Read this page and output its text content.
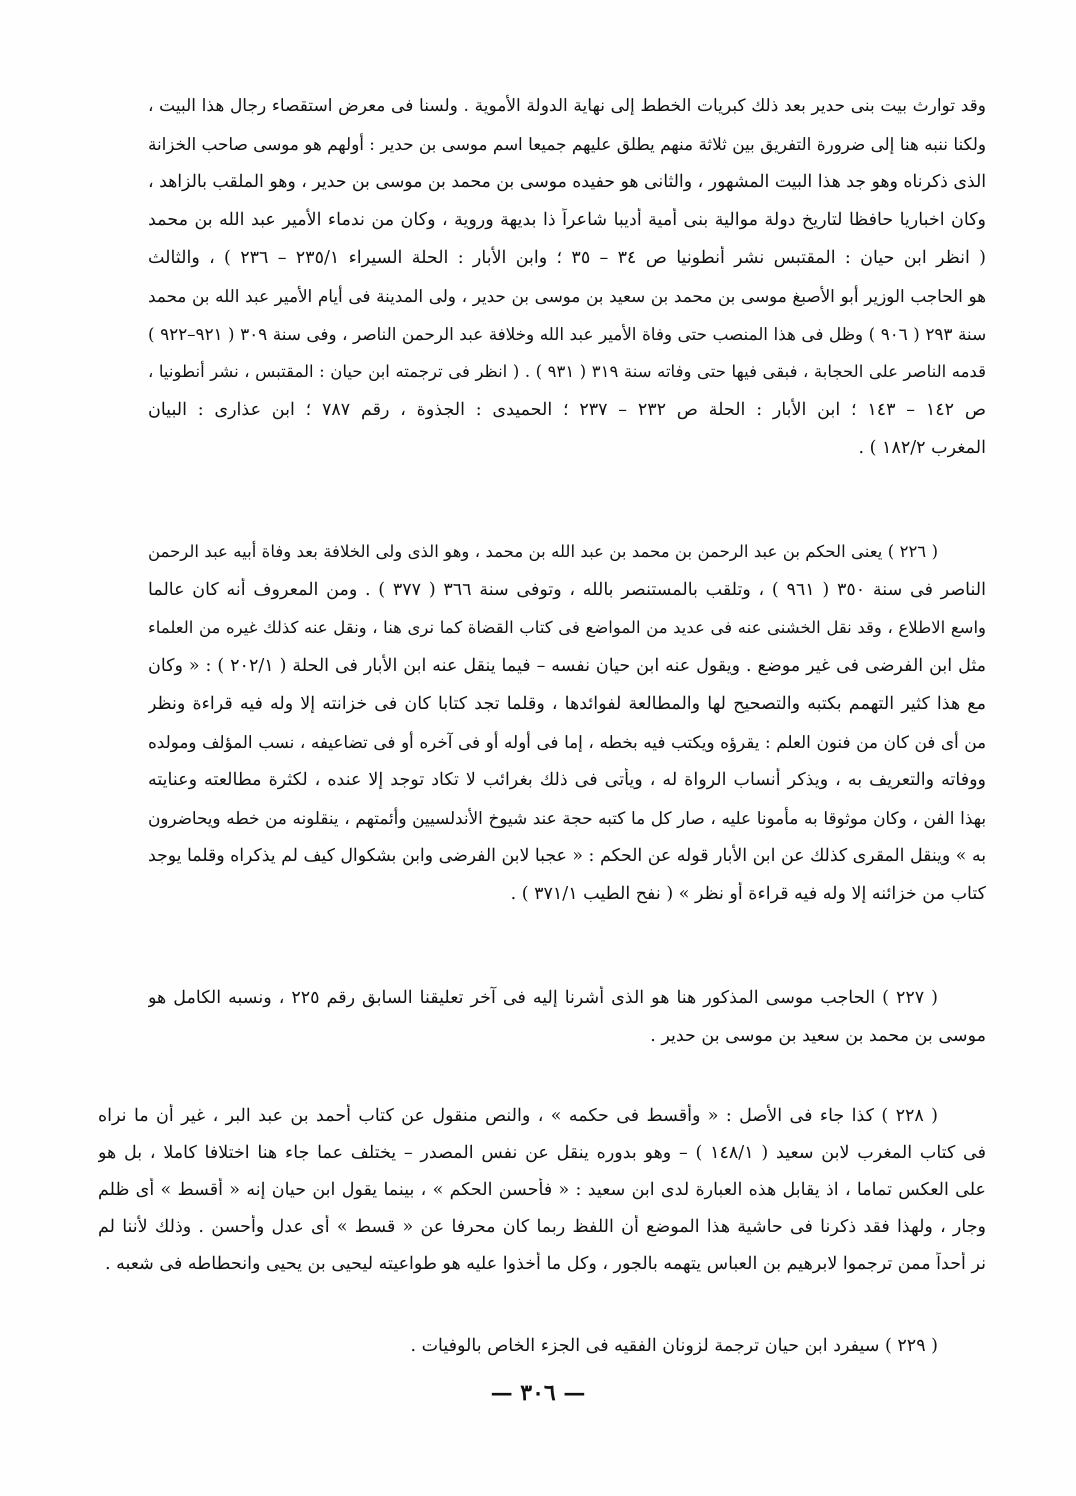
وقد توارث بيت بنى حدير بعد ذلك كبريات الخطط إلى نهاية الدولة الأموية . ولسنا فى معرض استقصاء رجال هذا البيت ،
ولكنا ننبه هنا إلى ضرورة التفريق بين ثلاثة منهم يطلق عليهم جميعا اسم موسى بن حدير : أولهم هو موسى صاحب الخزانة
الذى ذكرناه وهو جد هذا البيت المشهور ، والثانى هو حفيده موسى بن محمد بن موسى بن حدير ، وهو الملقب بالزاهد ،
وكان اخباريا حافظا لتاريخ دولة موالية بنى أمية أديبا شاعراً ذا بديهة وروية ، وكان من ندماء الأمير عبد الله بن محمد
( انظر ابن حيان : المقتبس نشر أنطونيا ص ٣٤ – ٣٥ ؛ وابن الأبار : الحلة السيراء ٢٣٥/١ – ٢٣٦ ) ، والثالث
هو الحاجب الوزير أبو الأصبغ موسى بن محمد بن سعيد بن موسى بن حدير ، ولى المدينة فى أيام الأمير عبد الله بن محمد
سنة ٢٩٣ ( ٩٠٦ ) وظل فى هذا المنصب حتى وفاة الأمير عبد الله وخلافة عبد الرحمن الناصر ، وفى سنة ٣٠٩ ( ٩٢١–٩٢٢ )
قدمه الناصر على الحجابة ، فبقى فيها حتى وفاته سنة ٣١٩ ( ٩٣١ ) . ( انظر فى ترجمته ابن حيان : المقتبس ، نشر أنطونيا ،
ص ١٤٢ – ١٤٣ ؛ ابن الأبار : الحلة ص ٢٣٢ – ٢٣٧ ؛ الحميدى : الجذوة ، رقم ٧٨٧ ؛ ابن عذارى : البيان
المغرب ١٨٢/٢ ) .
( ٢٢٦ ) يعنى الحكم بن عبد الرحمن بن محمد بن عبد الله بن محمد ، وهو الذى ولى الخلافة بعد وفاة أبيه عبد الرحمن
الناصر فى سنة ٣٥٠ ( ٩٦١ ) ، وتلقب بالمستنصر بالله ، وتوفى سنة ٣٦٦ ( ٣٧٧ ) . ومن المعروف أنه كان عالما
واسع الاطلاع ، وقد نقل الخشنى عنه فى عديد من المواضع فى كتاب القضاة كما نرى هنا ، ونقل عنه كذلك غيره من العلماء
مثل ابن الفرضى فى غير موضع . ويقول عنه ابن حيان نفسه – فيما ينقل عنه ابن الأبار فى الحلة ( ٢٠٢/١ ) : « وكان
مع هذا كثير التهمم بكتبه والتصحيح لها والمطالعة لفوائدها ، وقلما تجد كتابا كان فى خزانته إلا وله فيه قراءة ونظر
من أى فن كان من فنون العلم : يقرؤه ويكتب فيه بخطه ، إما فى أوله أو فى آخره أو فى تضاعيفه ، نسب المؤلف ومولده
ووفاته والتعريف به ، ويذكر أنساب الرواة له ، ويأتى فى ذلك بغرائب لا تكاد توجد إلا عنده ، لكثرة مطالعته وعنايته
بهذا الفن ، وكان موثوقا به مأمونا عليه ، صار كل ما كتبه حجة عند شيوخ الأندلسيين وأئمتهم ، ينقلونه من خطه ويحاضرون
به » وينقل المقرى كذلك عن ابن الأبار قوله عن الحكم : « عجبا لابن الفرضى وابن بشكوال كيف لم يذكراه وقلما يوجد
كتاب من خزائنه إلا وله فيه قراءة أو نظر » ( نفح الطيب ٣٧١/١ ) .
( ٢٢٧ ) الحاجب موسى المذكور هنا هو الذى أشرنا إليه فى آخر تعليقنا السابق رقم ٢٢٥ ، ونسبه الكامل هو
موسى بن محمد بن سعيد بن موسى بن حدير .
( ٢٢٨ ) كذا جاء فى الأصل : « وأقسط فى حكمه » ، والنص منقول عن كتاب أحمد بن عبد البر ، غير أن ما نراه
فى كتاب المغرب لابن سعيد ( ١٤٨/١ ) – وهو بدوره ينقل عن نفس المصدر – يختلف عما جاء هنا اختلافا كاملا ، بل هو
على العكس تماما ، اذ يقابل هذه العبارة لدى ابن سعيد : « فأحسن الحكم » ، بينما يقول ابن حيان إنه « أقسط » أى ظلم
وجار ، ولهذا فقد ذكرنا فى حاشية هذا الموضع أن اللفظ ربما كان محرفا عن « قسط » أى عدل وأحسن . وذلك لأننا لم
نر أحداً ممن ترجموا لابرهيم بن العباس يتهمه بالجور ، وكل ما أخذوا عليه هو طواعيته ليحيى بن يحيى وانحطاطه فى شعبه .
( ٢٢٩ ) سيفرد ابن حيان ترجمة لزونان الفقيه فى الجزء الخاص بالوفيات .
— ٣٠٦ —
